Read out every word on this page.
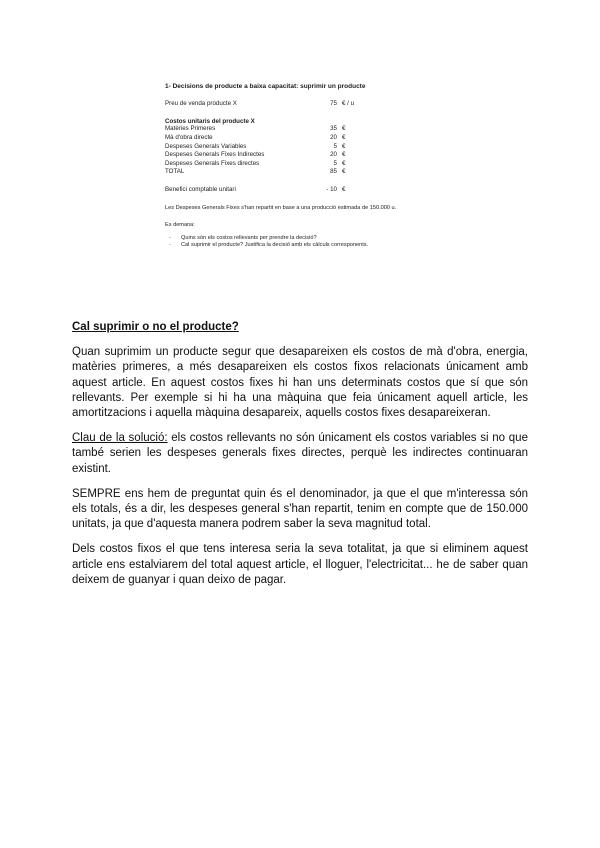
1- Decisions de producte a baixa capacitat: suprimir un producte
Preu de venda producte X	75 € / u
Costos unitaris del producte X
Matèries Primeres	35 €
Mà d'obra directe	20 €
Despeses Generals Variables	5 €
Despeses Generals Fixes Indirectes	20 €
Despeses Generals Fixes directes	5 €
TOTAL	85 €
Benefici comptable unitari	- 10 €
Les Despeses Generals Fixes s'han repartit en base a una producció estimada de 150.000 u.
Es demana:
-	Quins són els costos rellevants per prendre la decisió?
-	Cal suprimir el producte? Justifica la decisió amb els càlculs corresponents.
Cal suprimir o no el producte?

Quan suprimim un producte segur que desapareixen els costos de mà d'obra, energia, matèries primeres, a més desapareixen els costos fixos relacionats únicament amb aquest article. En aquest costos fixes hi han uns determinats costos que sí que són rellevants. Per exemple si hi ha una màquina que feia únicament aquell article, les amortitzacions i aquella màquina desapareix, aquells costos fixes desapareixeran.

Clau de la solució: els costos rellevants no són únicament els costos variables si no que també serien les despeses generals fixes directes, perquè les indirectes continuaran existint.

SEMPRE ens hem de preguntat quin és el denominador, ja que el que m'interessa són els totals, és a dir, les despeses general s'han repartit, tenim en compte que de 150.000 unitats, ja que d'aquesta manera podrem saber la seva magnitud total.

Dels costos fixos el que tens interesa seria la seva totalitat, ja que si eliminem aquest article ens estalviarem del total aquest article, el lloguer, l'electricitat... he de saber quan deixem de guanyar i quan deixo de pagar.
